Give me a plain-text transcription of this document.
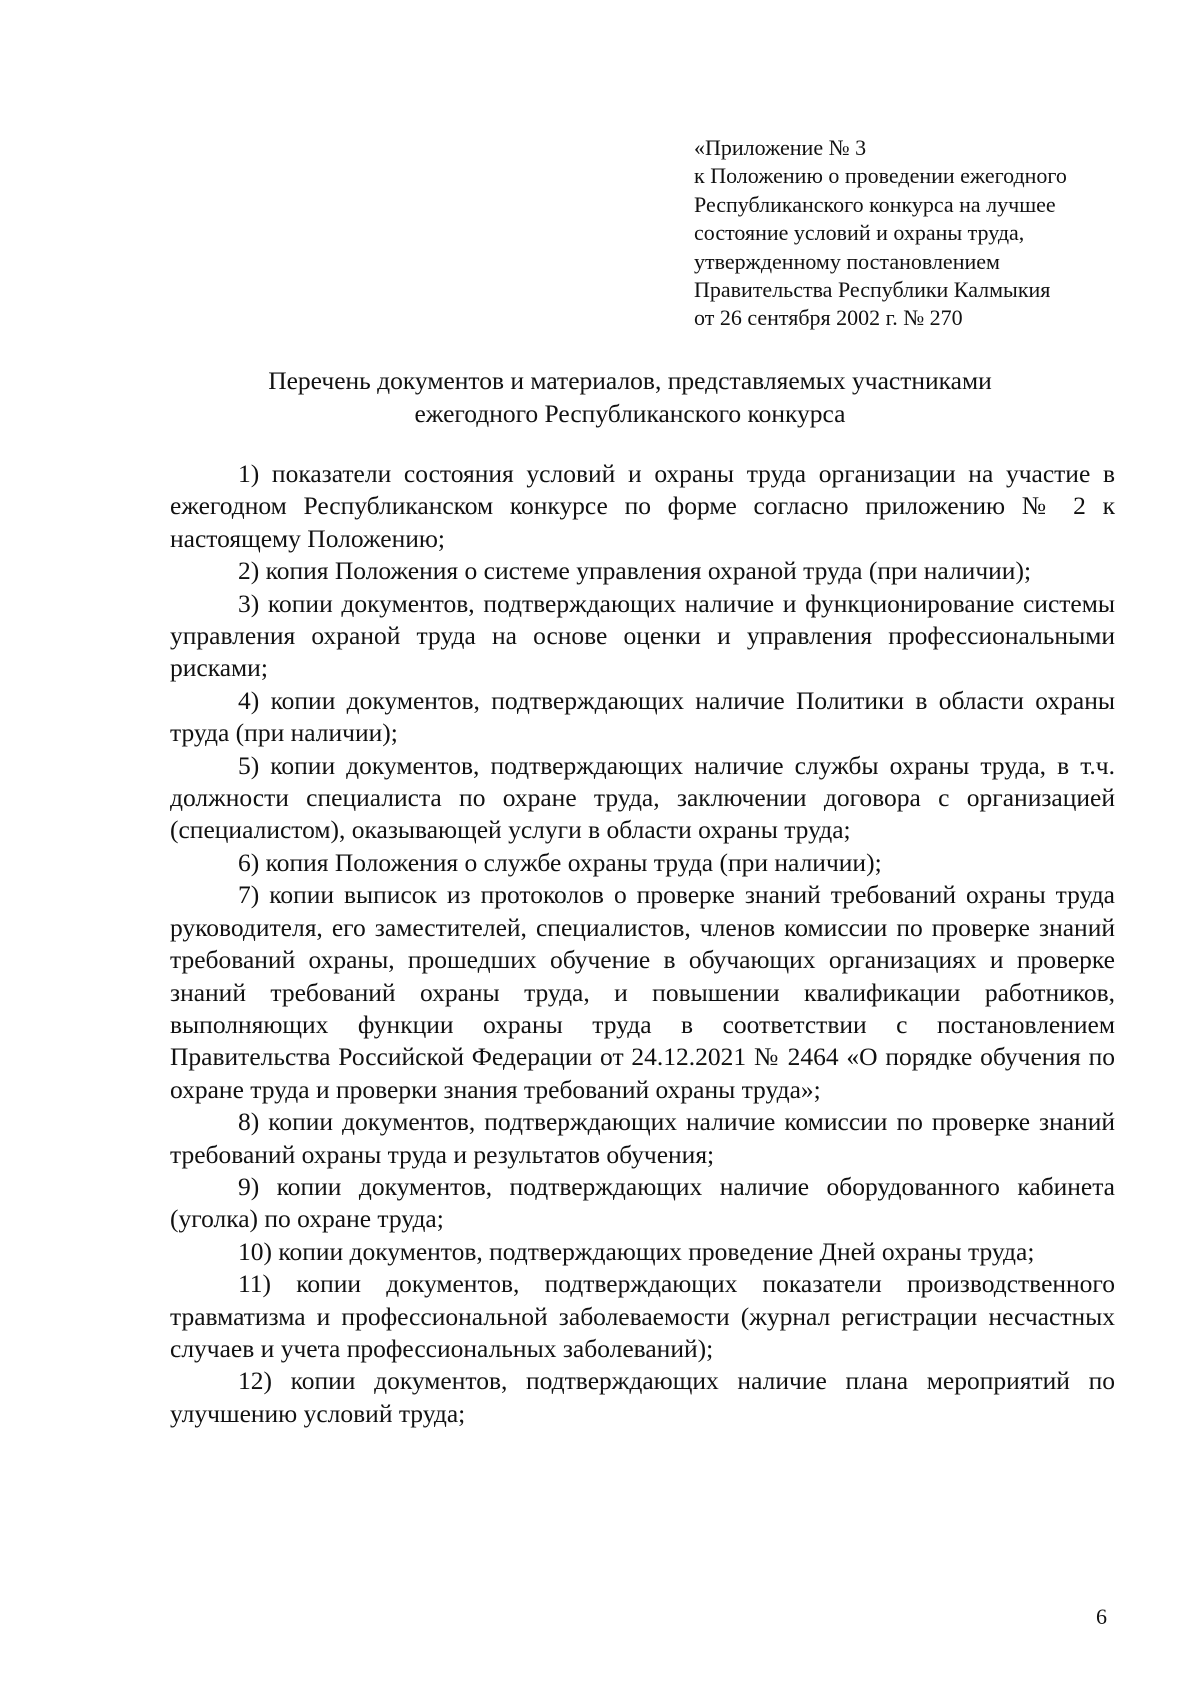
«Приложение № 3
к Положению о проведении ежегодного
Республиканского конкурса на лучшее
состояние условий и охраны труда,
утвержденному постановлением
Правительства Республики Калмыкия
от 26 сентября 2002 г. № 270
Перечень документов и материалов, представляемых участниками
ежегодного Республиканского конкурса

1) показатели состояния условий и охраны труда организации на участие в ежегодном Республиканском конкурсе по форме согласно приложению № 2 к настоящему Положению;

2) копия Положения о системе управления охраной труда (при наличии);

3) копии документов, подтверждающих наличие и функционирование системы управления охраной труда на основе оценки и управления профессиональными рисками;

4) копии документов, подтверждающих наличие Политики в области охраны труда (при наличии);

5) копии документов, подтверждающих наличие службы охраны труда, в т.ч. должности специалиста по охране труда, заключении договора с организацией (специалистом), оказывающей услуги в области охраны труда;

6) копия Положения о службе охраны труда (при наличии);

7) копии выписок из протоколов о проверке знаний требований охраны труда руководителя, его заместителей, специалистов, членов комиссии по проверке знаний требований охраны, прошедших обучение в обучающих организациях и проверке знаний требований охраны труда, и повышении квалификации работников, выполняющих функции охраны труда в соответствии с постановлением Правительства Российской Федерации от 24.12.2021 № 2464 «О порядке обучения по охране труда и проверки знания требований охраны труда»;

8) копии документов, подтверждающих наличие комиссии по проверке знаний требований охраны труда и результатов обучения;

9) копии документов, подтверждающих наличие оборудованного кабинета (уголка) по охране труда;

10) копии документов, подтверждающих проведение Дней охраны труда;

11) копии документов, подтверждающих показатели производственного травматизма и профессиональной заболеваемости (журнал регистрации несчастных случаев и учета профессиональных заболеваний);

12) копии документов, подтверждающих наличие плана мероприятий по улучшению условий труда;

6
